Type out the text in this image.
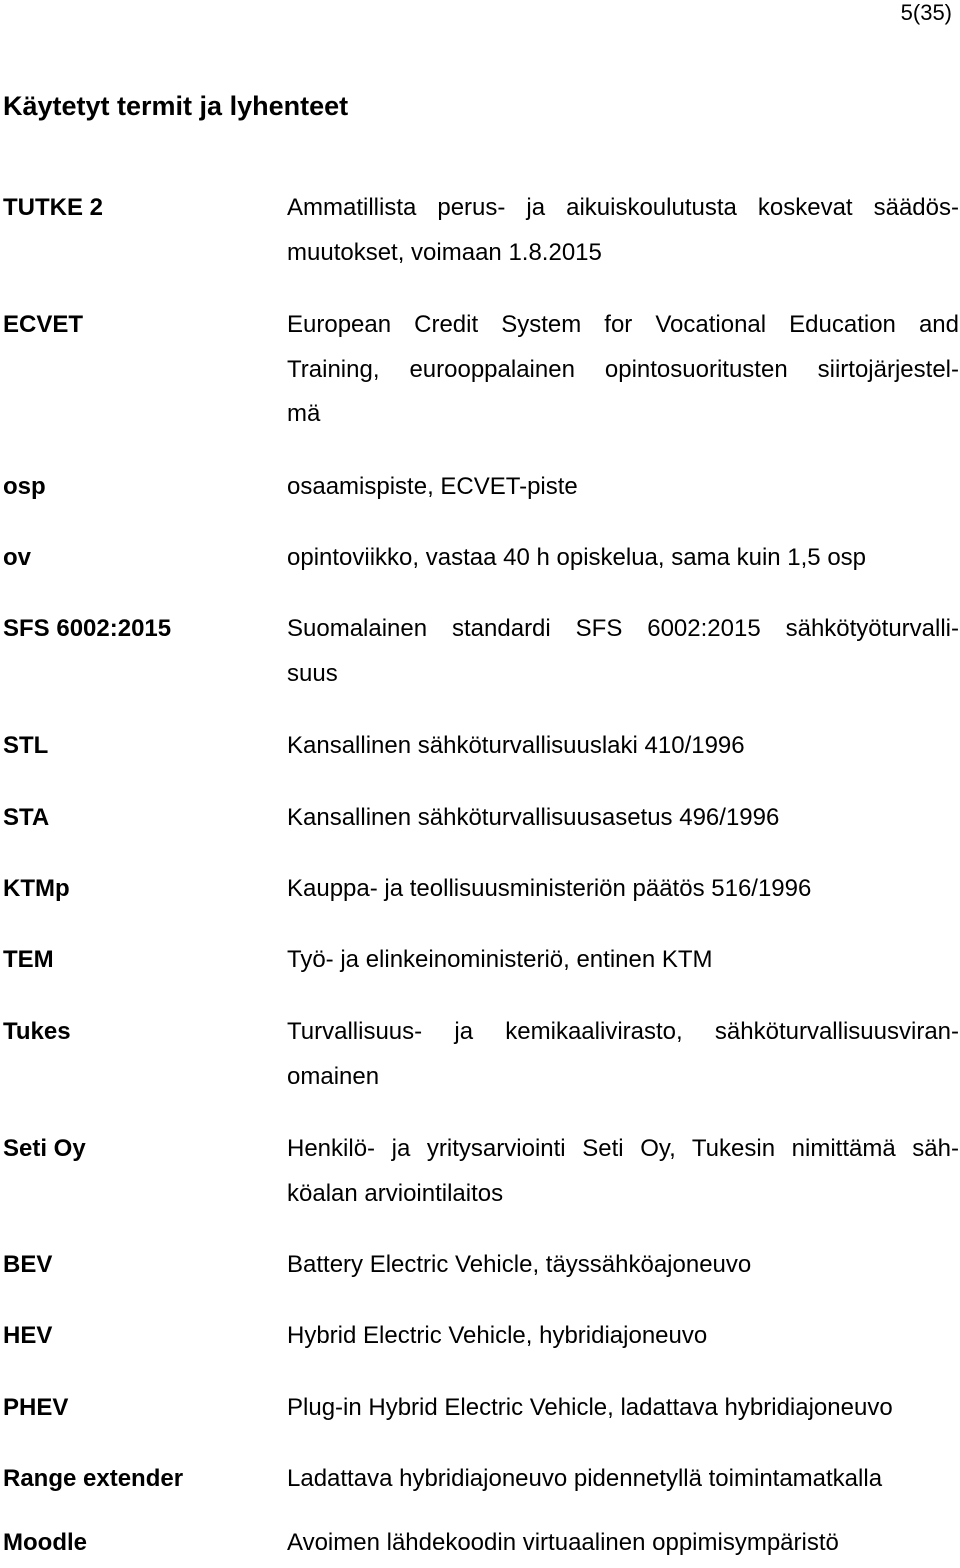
5(35)
Käytetyt termit ja lyhenteet
TUTKE 2	Ammatillista perus- ja aikuiskoulutusta koskevat säädös-
muutokset, voimaan 1.8.2015
ECVET	European Credit System for Vocational Education and
Training, eurooppalainen opintosuoritusten siirtojärjestel-
mä
osp	osaamispiste, ECVET-piste
ov	opintoviikko, vastaa 40 h opiskelua, sama kuin 1,5 osp
SFS 6002:2015	Suomalainen standardi SFS 6002:2015 sähkötyöturvalli-
suus
STL	Kansallinen sähköturvallisuuslaki 410/1996
STA	Kansallinen sähköturvallisuusasetus 496/1996
KTMp	Kauppa- ja teollisuusministeriön päätös 516/1996
TEM	Työ- ja elinkeinoministeriö, entinen KTM
Tukes	Turvallisuus- ja kemikaalivirasto, sähköturvallisuusviran-
omainen
Seti Oy	Henkilö- ja yritysarviointi Seti Oy, Tukesin nimittämä säh-
köalan arviointilaitos
BEV	Battery Electric Vehicle, täyssähköajoneuvo
HEV	Hybrid Electric Vehicle, hybridiajoneuvo
PHEV	Plug-in Hybrid Electric Vehicle, ladattava hybridiajoneuvo
Range extender	Ladattava hybridiajoneuvo pidennetyllä toimintamatkalla
Moodle	Avoimen lähdekoodin virtuaalinen oppimisympäristö
